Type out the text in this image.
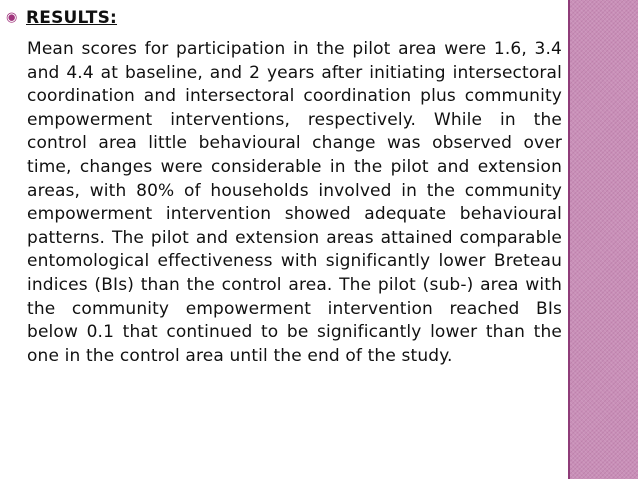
◉ RESULTS:

Mean scores for participation in the pilot area were 1.6, 3.4 and 4.4 at baseline, and 2 years after initiating intersectoral coordination and intersectoral coordination plus community empowerment interventions, respectively. While in the control area little behavioural change was observed over time, changes were considerable in the pilot and extension areas, with 80% of households involved in the community empowerment intervention showed adequate behavioural patterns. The pilot and extension areas attained comparable entomological effectiveness with significantly lower Breteau indices (BIs) than the control area. The pilot (sub-) area with the community empowerment intervention reached BIs below 0.1 that continued to be significantly lower than the one in the control area until the end of the study.
